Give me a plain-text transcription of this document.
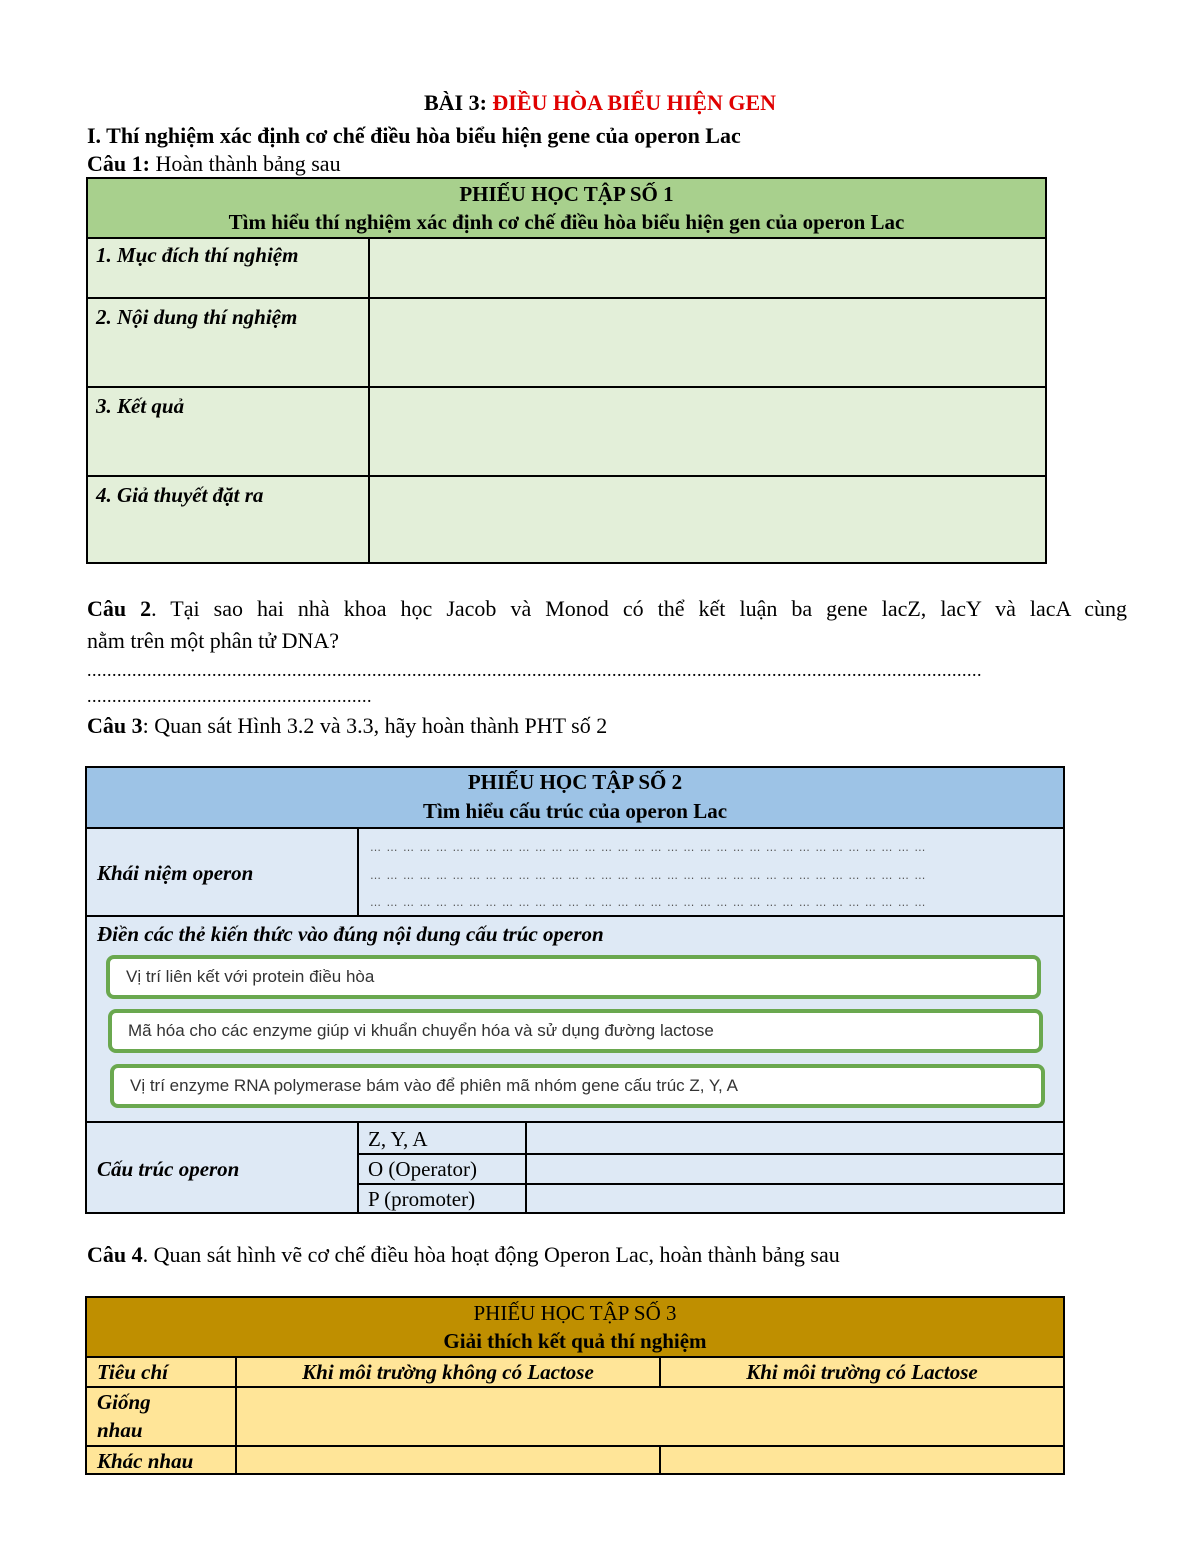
BÀI 3: ĐIỀU HÒA BIỂU HIỆN GEN
I. Thí nghiệm xác định cơ chế điều hòa biểu hiện gene của operon Lac
Câu 1: Hoàn thành bảng sau
PHIẾU HỌC TẬP SỐ 1
Tìm hiểu thí nghiệm xác định cơ chế điều hòa biểu hiện gen của operon Lac
1. Mục đích thí nghiệm
2. Nội dung thí nghiệm
3. Kết quả
4. Giả thuyết đặt ra
Câu 2. Tại sao hai nhà khoa học Jacob và Monod có thể kết luận ba gene lacZ, lacY và lacA cùng
nằm trên một phân tử DNA?
...................................................................................................................................................................................
.........................................................
Câu 3: Quan sát Hình 3.2 và 3.3, hãy hoàn thành PHT số 2
PHIẾU HỌC TẬP SỐ 2
Tìm hiểu cấu trúc của operon Lac
Khái niệm operon
… … … … … … … … … … … … … … … … … … … … … … … … … … … … … … … … … …
… … … … … … … … … … … … … … … … … … … … … … … … … … … … … … … … … …
… … … … … … … … … … … … … … … … … … … … … … … … … … … … … … … … … …
Điền các thẻ kiến thức vào đúng nội dung cấu trúc operon
Cấu trúc operon
Z, Y, A
O (Operator)
P (promoter)
Vị trí liên kết với protein điều hòa
Mã hóa cho các enzyme giúp vi khuẩn chuyển hóa và sử dụng đường lactose
Vị trí enzyme RNA polymerase bám vào để phiên mã nhóm gene cấu trúc Z, Y, A
Câu 4. Quan sát hình vẽ cơ chế điều hòa hoạt động Operon Lac, hoàn thành bảng sau
PHIẾU HỌC TẬP SỐ 3
Giải thích kết quả thí nghiệm
Tiêu chí	Khi môi trường không có Lactose	Khi môi trường có Lactose
Giống
nhau
Khác nhau
